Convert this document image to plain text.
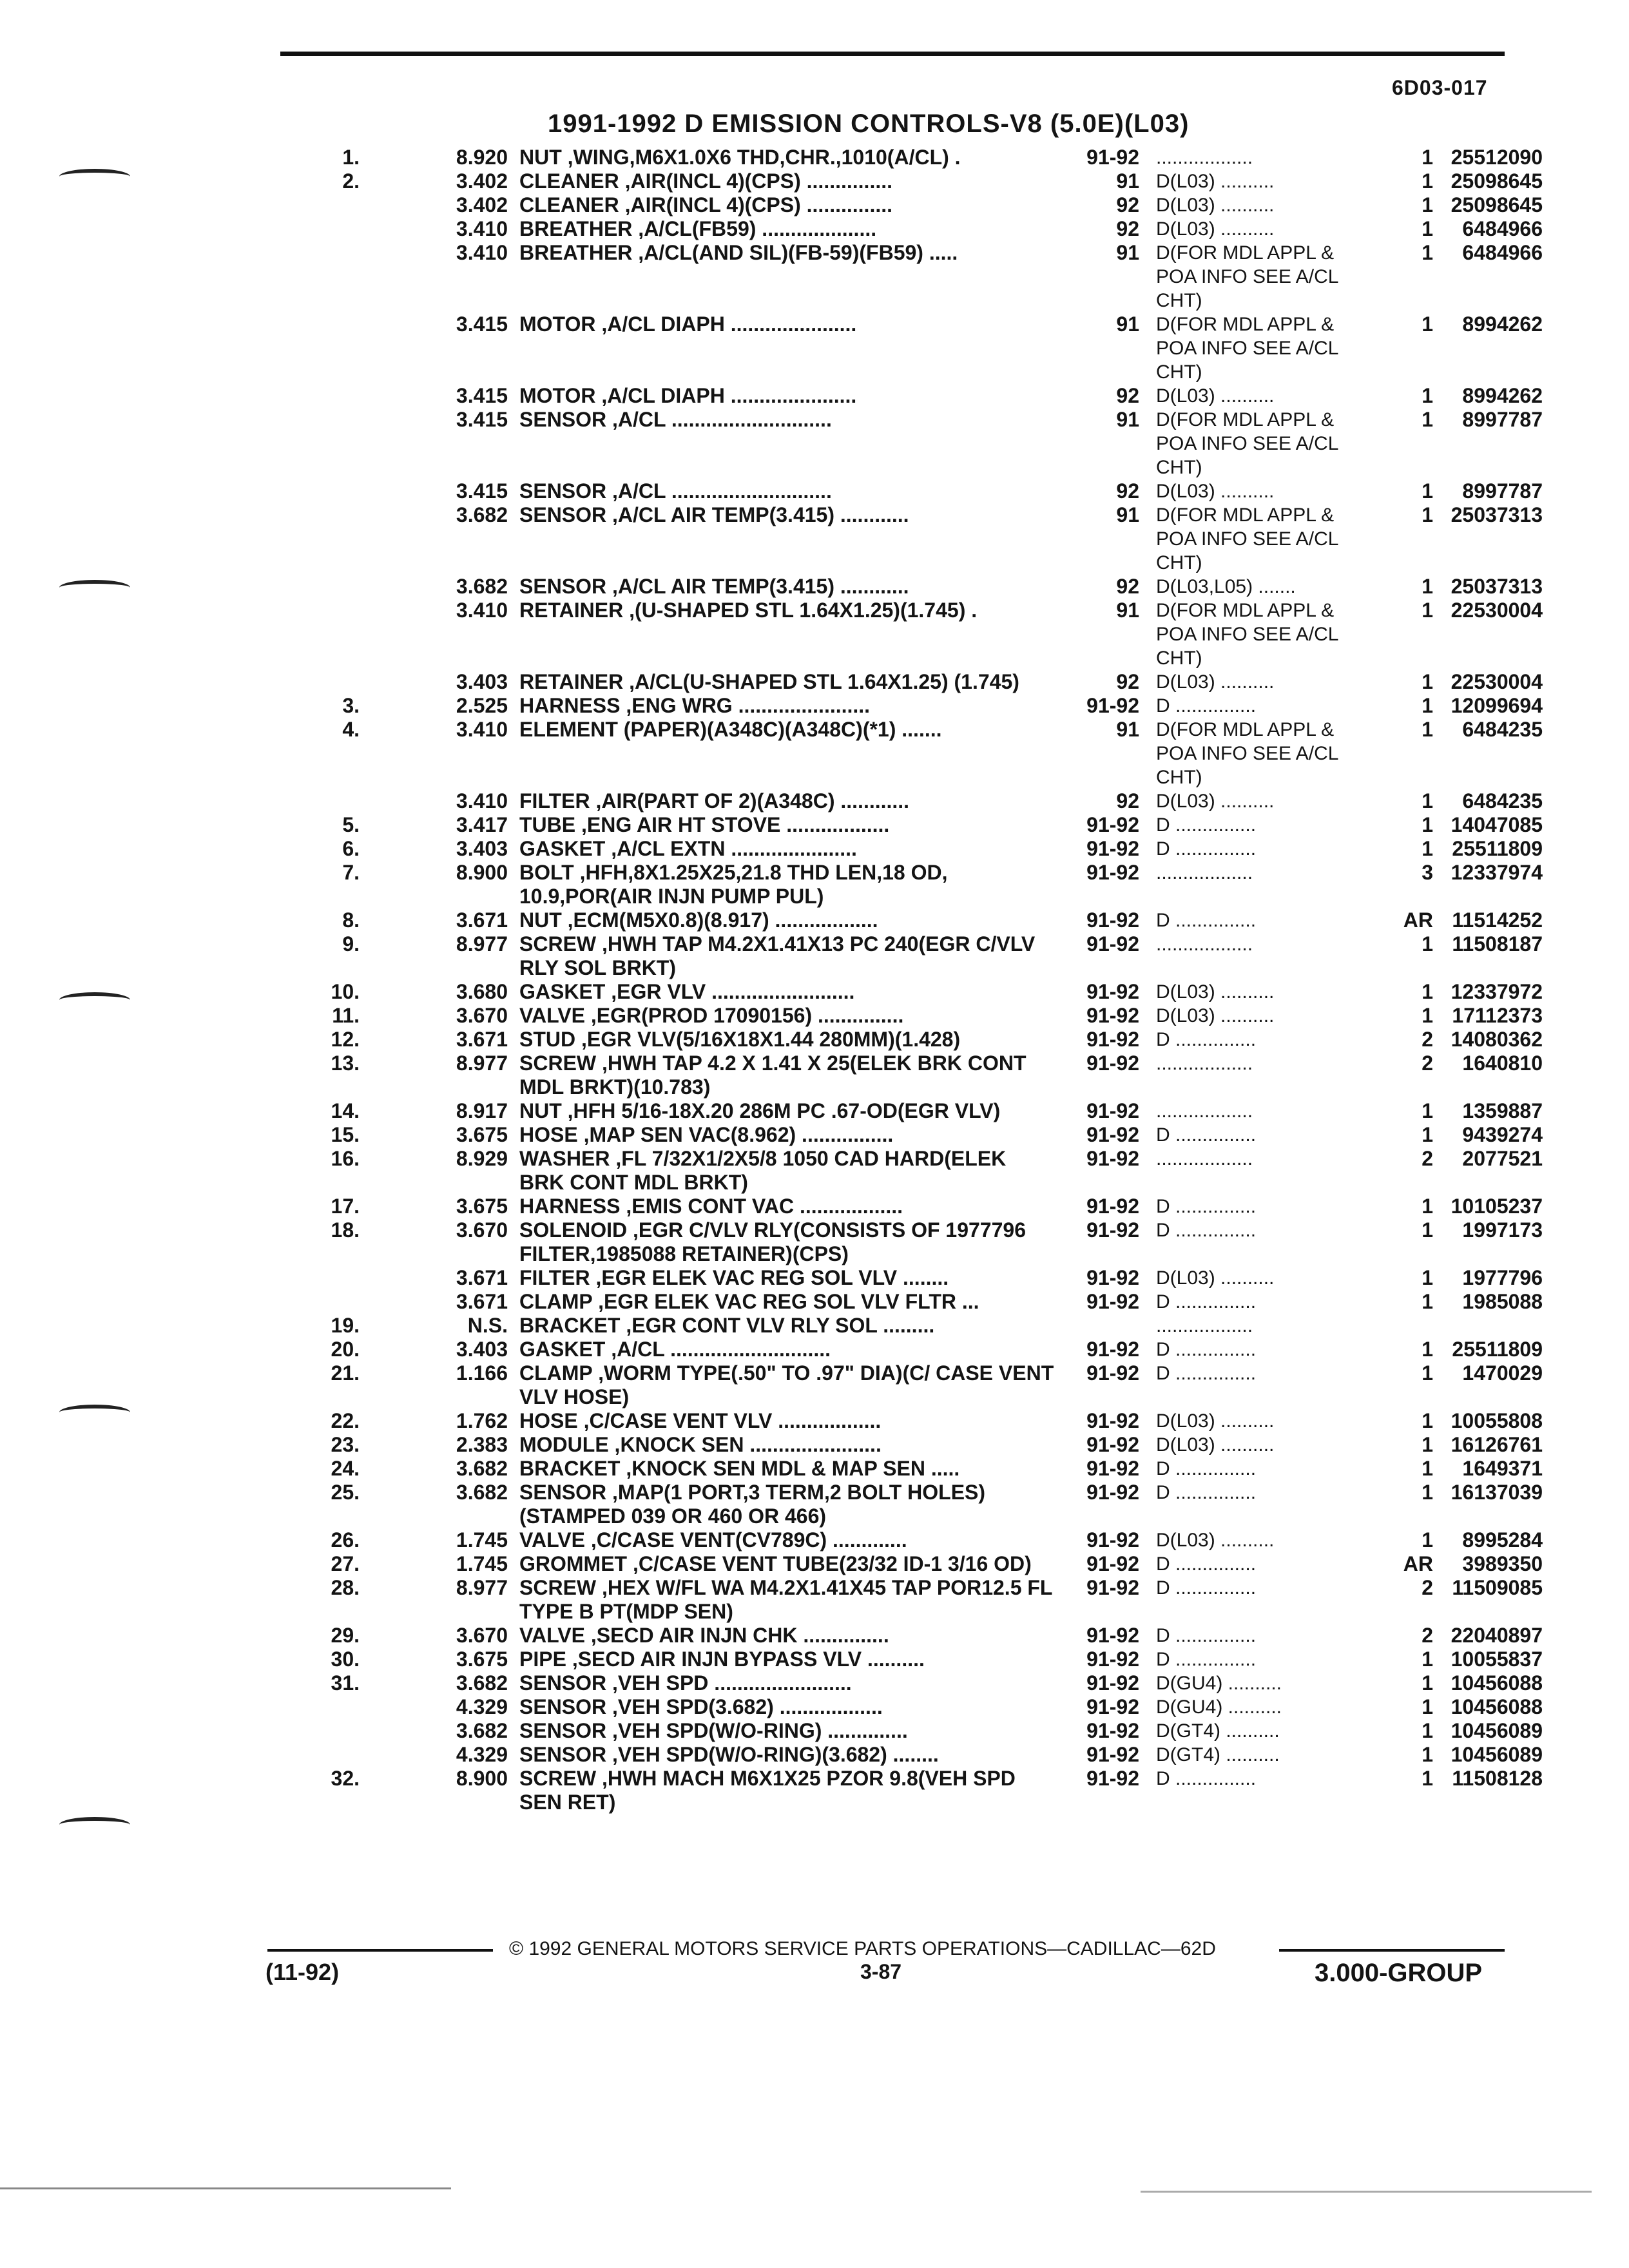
6D03-017
1991-1992 D EMISSION CONTROLS-V8 (5.0E)(L03)
1.	8.920	NUT ,WING,M6X1.0X6 THD,CHR.,1010(A/CL) .	91-92	..................	1	25512090
2.	3.402	CLEANER ,AIR(INCL 4)(CPS) ...............	91	D(L03) ..........	1	25098645
	3.402	CLEANER ,AIR(INCL 4)(CPS) ...............	92	D(L03) ..........	1	25098645
	3.410	BREATHER ,A/CL(FB59) ....................	92	D(L03) ..........	1	6484966
	3.410	BREATHER ,A/CL(AND SIL)(FB-59)(FB59) .....	91	D(FOR MDL APPL & POA INFO SEE A/CL CHT)	1	6484966
	3.415	MOTOR ,A/CL DIAPH ......................	91	D(FOR MDL APPL & POA INFO SEE A/CL CHT)	1	8994262
	3.415	MOTOR ,A/CL DIAPH ......................	92	D(L03) ..........	1	8994262
	3.415	SENSOR ,A/CL ............................	91	D(FOR MDL APPL & POA INFO SEE A/CL CHT)	1	8997787
	3.415	SENSOR ,A/CL ............................	92	D(L03) ..........	1	8997787
	3.682	SENSOR ,A/CL AIR TEMP(3.415) ............	91	D(FOR MDL APPL & POA INFO SEE A/CL CHT)	1	25037313
	3.682	SENSOR ,A/CL AIR TEMP(3.415) ............	92	D(L03,L05) .......	1	25037313
	3.410	RETAINER ,(U-SHAPED STL 1.64X1.25)(1.745) .	91	D(FOR MDL APPL & POA INFO SEE A/CL CHT)	1	22530004
	3.403	RETAINER ,A/CL(U-SHAPED STL 1.64X1.25) (1.745)	92	D(L03) ..........	1	22530004
3.	2.525	HARNESS ,ENG WRG .......................	91-92	D ...............	1	12099694
4.	3.410	ELEMENT (PAPER)(A348C)(A348C)(*1) .......	91	D(FOR MDL APPL & POA INFO SEE A/CL CHT)	1	6484235
	3.410	FILTER ,AIR(PART OF 2)(A348C) ............	92	D(L03) ..........	1	6484235
5.	3.417	TUBE ,ENG AIR HT STOVE ..................	91-92	D ...............	1	14047085
6.	3.403	GASKET ,A/CL EXTN ......................	91-92	D ...............	1	25511809
7.	8.900	BOLT ,HFH,8X1.25X25,21.8 THD LEN,18 OD, 10.9,POR(AIR INJN PUMP PUL)	91-92	..................	3	12337974
8.	3.671	NUT ,ECM(M5X0.8)(8.917) ..................	91-92	D ...............	AR	11514252
9.	8.977	SCREW ,HWH TAP M4.2X1.41X13 PC 240(EGR C/VLV RLY SOL BRKT)	91-92	..................	1	11508187
10.	3.680	GASKET ,EGR VLV .........................	91-92	D(L03) ..........	1	12337972
11.	3.670	VALVE ,EGR(PROD 17090156) ...............	91-92	D(L03) ..........	1	17112373
12.	3.671	STUD ,EGR VLV(5/16X18X1.44 280MM)(1.428)	91-92	D ...............	2	14080362
13.	8.977	SCREW ,HWH TAP 4.2 X 1.41 X 25(ELEK BRK CONT MDL BRKT)(10.783)	91-92	..................	2	1640810
14.	8.917	NUT ,HFH 5/16-18X.20 286M PC .67-OD(EGR VLV)	91-92	..................	1	1359887
15.	3.675	HOSE ,MAP SEN VAC(8.962) ................	91-92	D ...............	1	9439274
16.	8.929	WASHER ,FL 7/32X1/2X5/8 1050 CAD HARD(ELEK BRK CONT MDL BRKT)	91-92	..................	2	2077521
17.	3.675	HARNESS ,EMIS CONT VAC ..................	91-92	D ...............	1	10105237
18.	3.670	SOLENOID ,EGR C/VLV RLY(CONSISTS OF 1977796 FILTER,1985088 RETAINER)(CPS)	91-92	D ...............	1	1997173
	3.671	FILTER ,EGR ELEK VAC REG SOL VLV ........	91-92	D(L03) ..........	1	1977796
	3.671	CLAMP ,EGR ELEK VAC REG SOL VLV FLTR ...	91-92	D ...............	1	1985088
19.	N.S.	BRACKET ,EGR CONT VLV RLY SOL .........		..................		
20.	3.403	GASKET ,A/CL ............................	91-92	D ...............	1	25511809
21.	1.166	CLAMP ,WORM TYPE(.50" TO .97" DIA)(C/ CASE VENT VLV HOSE)	91-92	D ...............	1	1470029
22.	1.762	HOSE ,C/CASE VENT VLV ..................	91-92	D(L03) ..........	1	10055808
23.	2.383	MODULE ,KNOCK SEN .......................	91-92	D(L03) ..........	1	16126761
24.	3.682	BRACKET ,KNOCK SEN MDL & MAP SEN .....	91-92	D ...............	1	1649371
25.	3.682	SENSOR ,MAP(1 PORT,3 TERM,2 BOLT HOLES) (STAMPED 039 OR 460 OR 466)	91-92	D ...............	1	16137039
26.	1.745	VALVE ,C/CASE VENT(CV789C) .............	91-92	D(L03) ..........	1	8995284
27.	1.745	GROMMET ,C/CASE VENT TUBE(23/32 ID-1 3/16 OD)	91-92	D ...............	AR	3989350
28.	8.977	SCREW ,HEX W/FL WA M4.2X1.41X45 TAP POR12.5 FL TYPE B PT(MDP SEN)	91-92	D ...............	2	11509085
29.	3.670	VALVE ,SECD AIR INJN CHK ...............	91-92	D ...............	2	22040897
30.	3.675	PIPE ,SECD AIR INJN BYPASS VLV ..........	91-92	D ...............	1	10055837
31.	3.682	SENSOR ,VEH SPD ........................	91-92	D(GU4) ..........	1	10456088
	4.329	SENSOR ,VEH SPD(3.682) ..................	91-92	D(GU4) ..........	1	10456088
	3.682	SENSOR ,VEH SPD(W/O-RING) ..............	91-92	D(GT4) ..........	1	10456089
	4.329	SENSOR ,VEH SPD(W/O-RING)(3.682) ........	91-92	D(GT4) ..........	1	10456089
32.	8.900	SCREW ,HWH MACH M6X1X25 PZOR 9.8(VEH SPD SEN RET)	91-92	D ...............	1	11508128
© 1992 GENERAL MOTORS SERVICE PARTS OPERATIONS—CADILLAC—62D
(11-92)	3-87	3.000-GROUP
